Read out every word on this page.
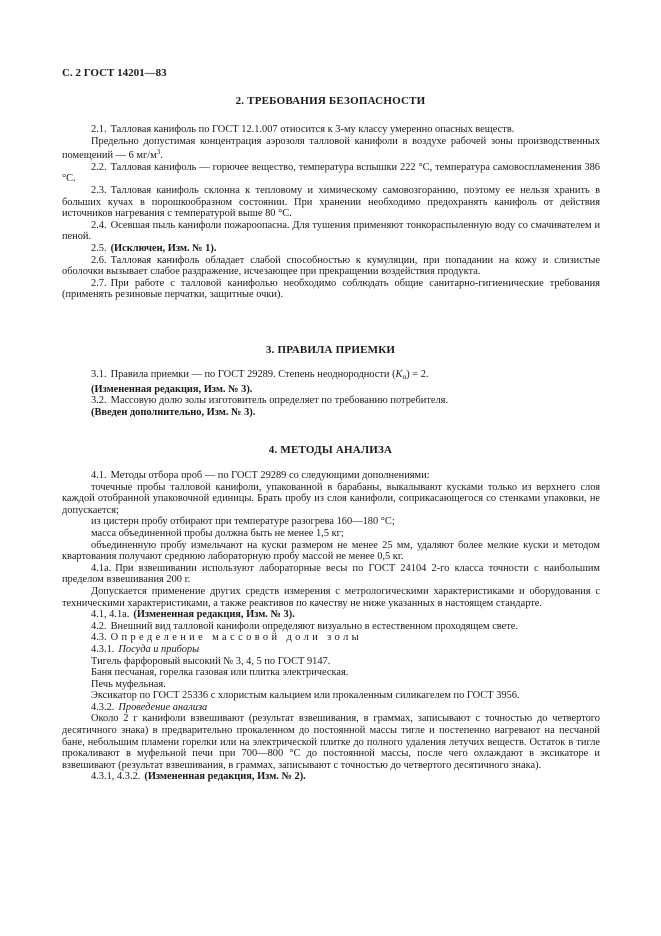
С. 2 ГОСТ 14201—83
2. ТРЕБОВАНИЯ БЕЗОПАСНОСТИ

2.1. Талловая канифоль по ГОСТ 12.1.007 относится к 3-му классу умеренно опасных веществ.

Предельно допустимая концентрация аэрозоля талловой канифоли в воздухе рабочей зоны производственных помещений — 6 $мг/м^3$.

2.2. Талловая канифоль — горючее вещество, температура вспышки 222 °С, температура самовоспламенения 386 °С.

2.3. Талловая канифоль склонна к тепловому и химическому самовозгоранию, поэтому ее нельзя хранить в больших кучах в порошкообразном состоянии. При хранении необходимо предохранять канифоль от действия источников нагревания с температурой выше 80 °С.

2.4. Осевшая пыль канифоли пожароопасна. Для тушения применяют тонкораспыленную воду со смачивателем и пеной.

2.5. (Исключен, Изм. № 1).

2.6. Талловая канифоль обладает слабой способностью к кумуляции, при попадании на кожу и слизистые оболочки вызывает слабое раздражение, исчезающее при прекращении воздействия продукта.

2.7. При работе с талловой канифолью необходимо соблюдать общие санитарно-гигиенические требования (применять резиновые перчатки, защитные очки).

3. ПРАВИЛА ПРИЕМКИ

3.1. Правила приемки — по ГОСТ 29289. Степень неоднородности $(К_н) = 2$.

(Измененная редакция, Изм. № 3).

3.2. Массовую долю золы изготовитель определяет по требованию потребителя.

(Введен дополнительно, Изм. № 3).

4. МЕТОДЫ АНАЛИЗА

4.1. Методы отбора проб — по ГОСТ 29289 со следующими дополнениями:

точечные пробы талловой канифоли, упакованной в барабаны, выкалывают кусками только из верхнего слоя каждой отобранной упаковочной единицы. Брать пробу из слоя канифоли, соприкасающегося со стенками упаковки, не допускается;

из цистерн пробу отбирают при температуре разогрева 160—180 °С;

масса объединенной пробы должна быть не менее 1,5 кг;

объединенную пробу измельчают на куски размером не менее 25 мм, удаляют более мелкие куски и методом квартования получают среднюю лабораторную пробу массой не менее 0,5 кг.

4.1а. При взвешивании используют лабораторные весы по ГОСТ 24104 2-го класса точности с наибольшим пределом взвешивания 200 г.

Допускается применение других средств измерения с метрологическими характеристиками и оборудования с техническими характеристиками, а также реактивов по качеству не ниже указанных в настоящем стандарте.

4.1, 4.1а. (Измененная редакция, Изм. № 3).

4.2. Внешний вид талловой канифоли определяют визуально в естественном проходящем свете.

4.3. Определение массовой доли золы

4.3.1. Посуда и приборы

Тигель фарфоровый высокий № 3, 4, 5 по ГОСТ 9147.

Баня песчаная, горелка газовая или плитка электрическая.

Печь муфельная.

Эксикатор по ГОСТ 25336 с хлористым кальцием или прокаленным силикагелем по ГОСТ 3956.

4.3.2. Проведение анализа

Около 2 г канифоли взвешивают (результат взвешивания, в граммах, записывают с точностью до четвертого десятичного знака) в предварительно прокаленном до постоянной массы тигле и постепенно нагревают на песчаной бане, небольшим пламени горелки или на электрической плитке до полного удаления летучих веществ. Остаток в тигле прокаливают в муфельной печи при 700—800 °С до постоянной массы, после чего охлаждают в эксикаторе и взвешивают (результат взвешивания, в граммах, записывают с точностью до четвертого десятичного знака).

4.3.1, 4.3.2. (Измененная редакция, Изм. № 2).
